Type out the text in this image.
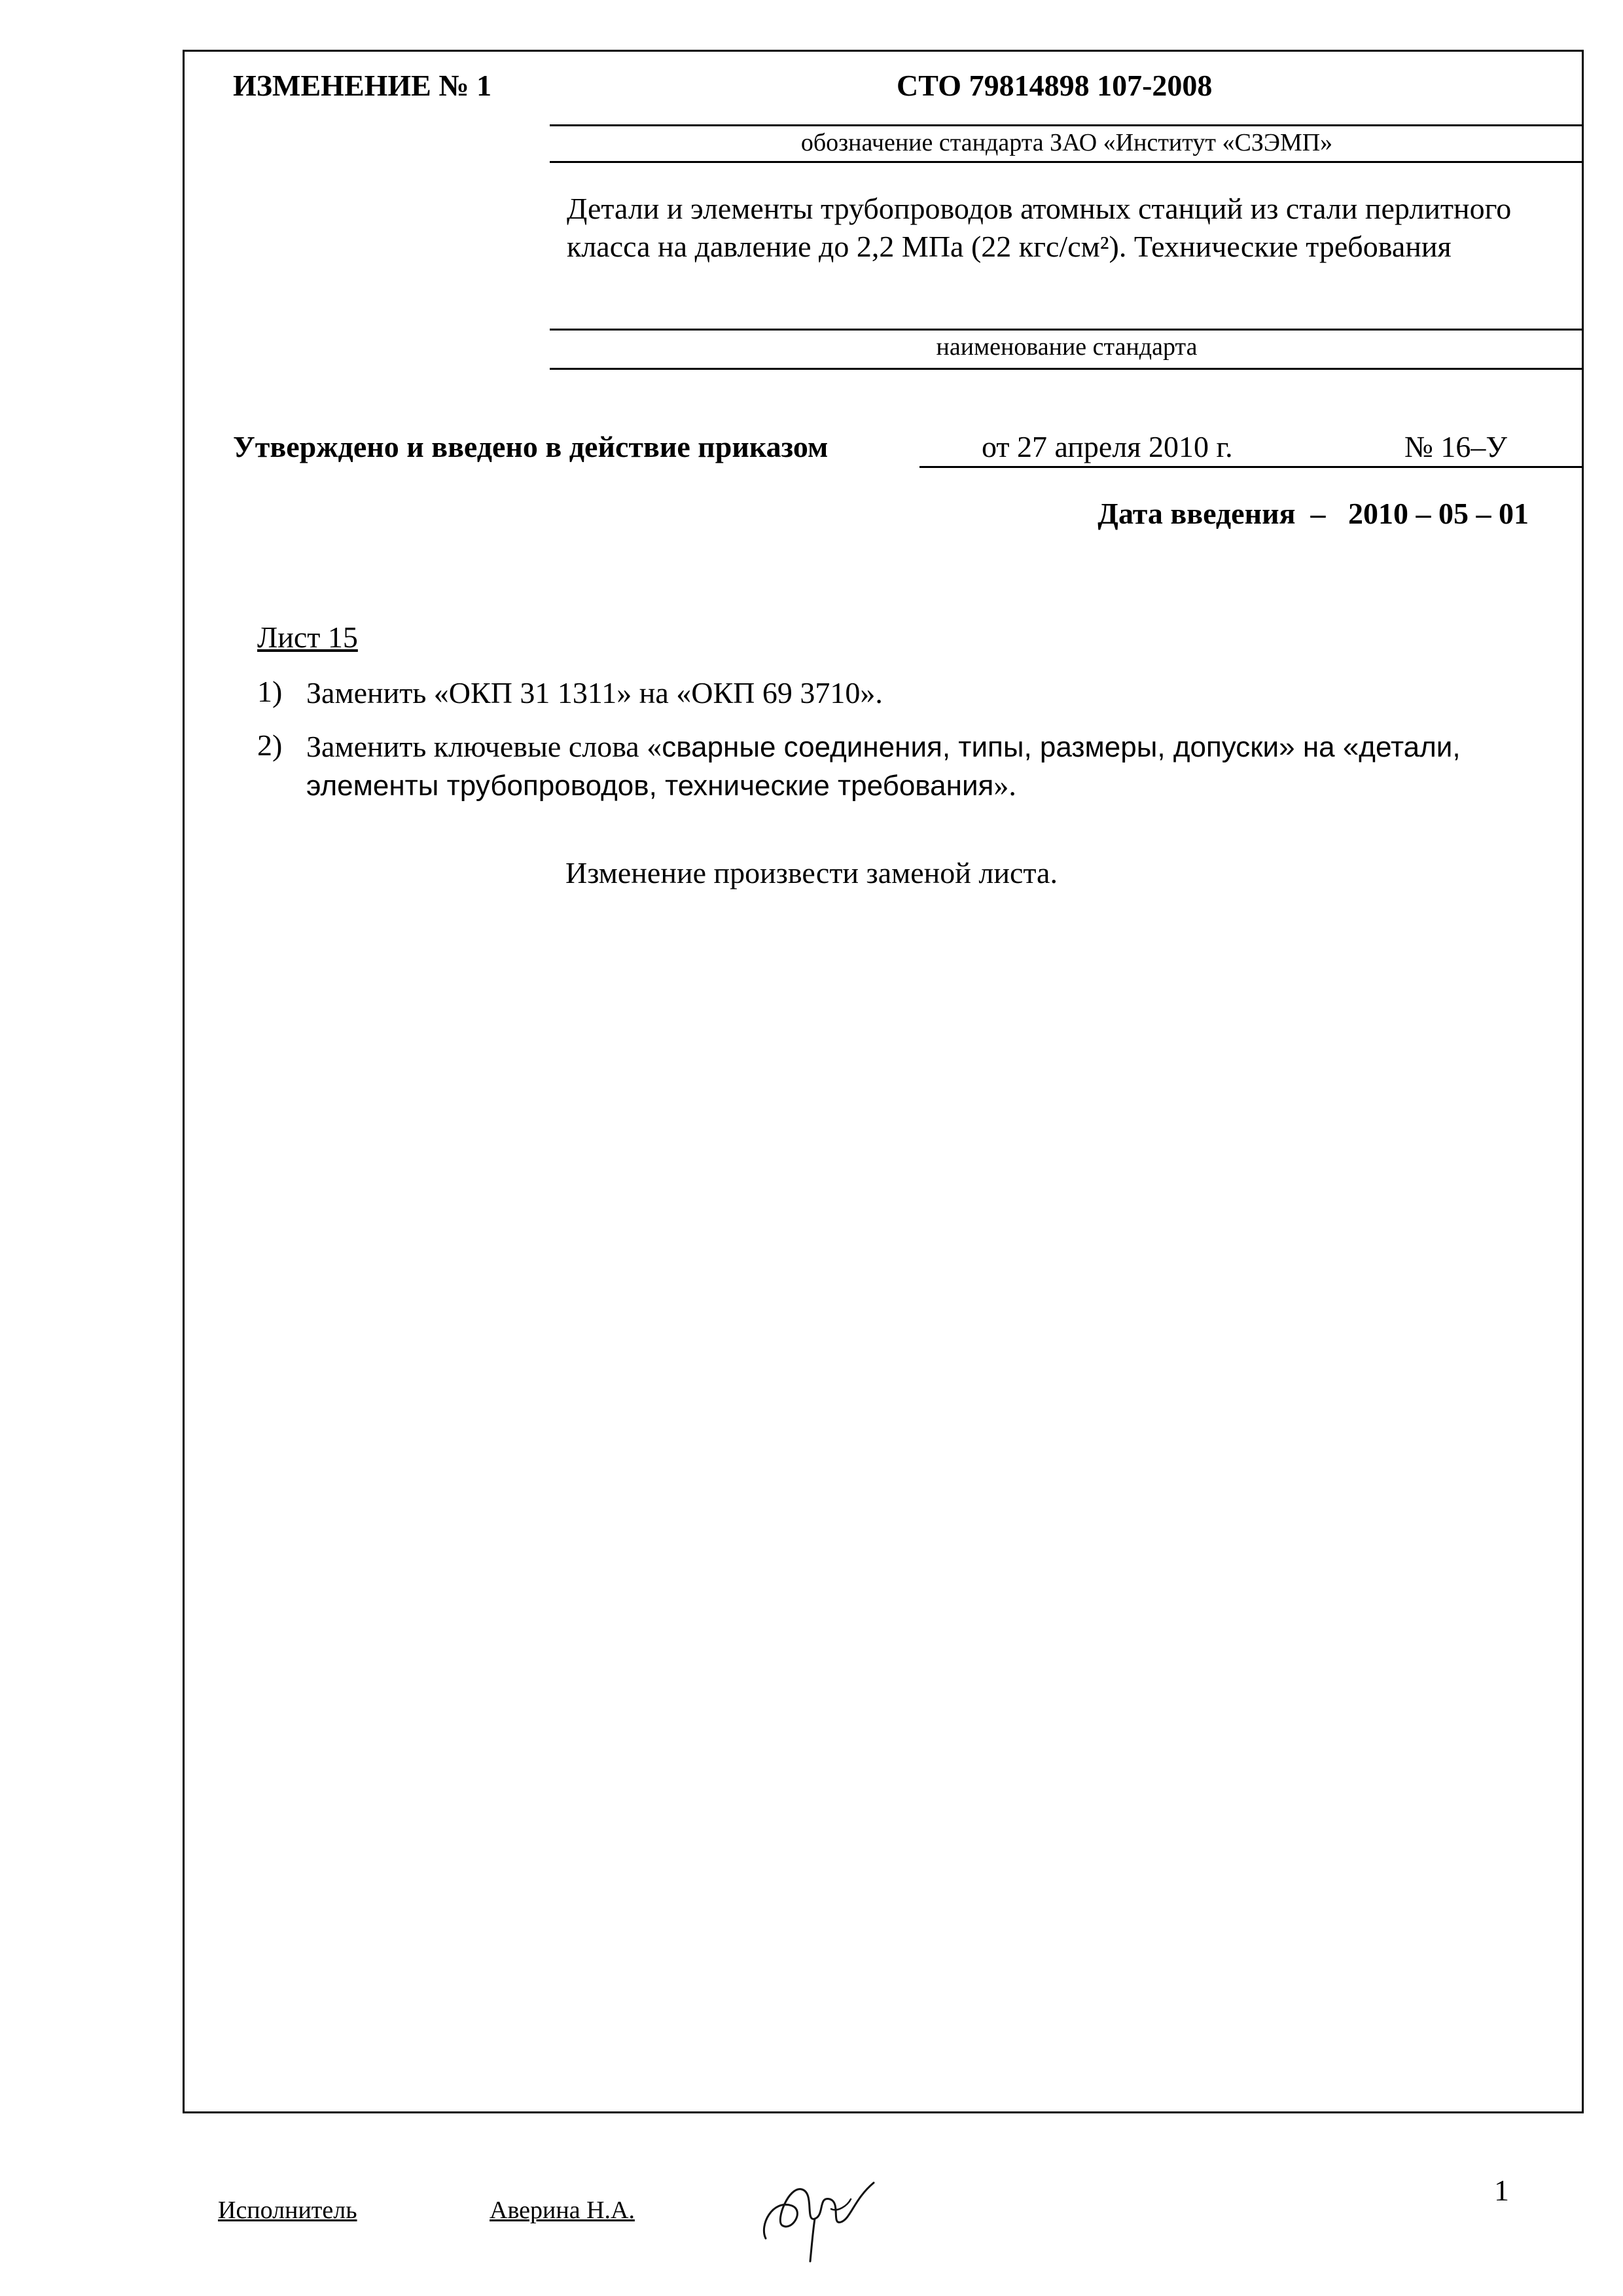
ИЗМЕНЕНИЕ № 1	СТО 79814898 107-2008
обозначение стандарта ЗАО «Институт «СЗЭМП»
Детали и элементы трубопроводов атомных станций из стали перлитного класса на давление до 2,2 МПа (22 кгс/см²). Технические требования
наименование стандарта
Утверждено и введено в действие приказом	от 27 апреля 2010 г.	№ 16–У
Дата введения – 2010 – 05 – 01
Лист 15
1) Заменить «ОКП 31 1311» на «ОКП 69 3710».
2) Заменить ключевые слова «сварные соединения, типы, размеры, допуски» на «детали, элементы трубопроводов, технические требования».
Изменение произвести заменой листа.
Исполнитель	Аверина Н.А.
1
